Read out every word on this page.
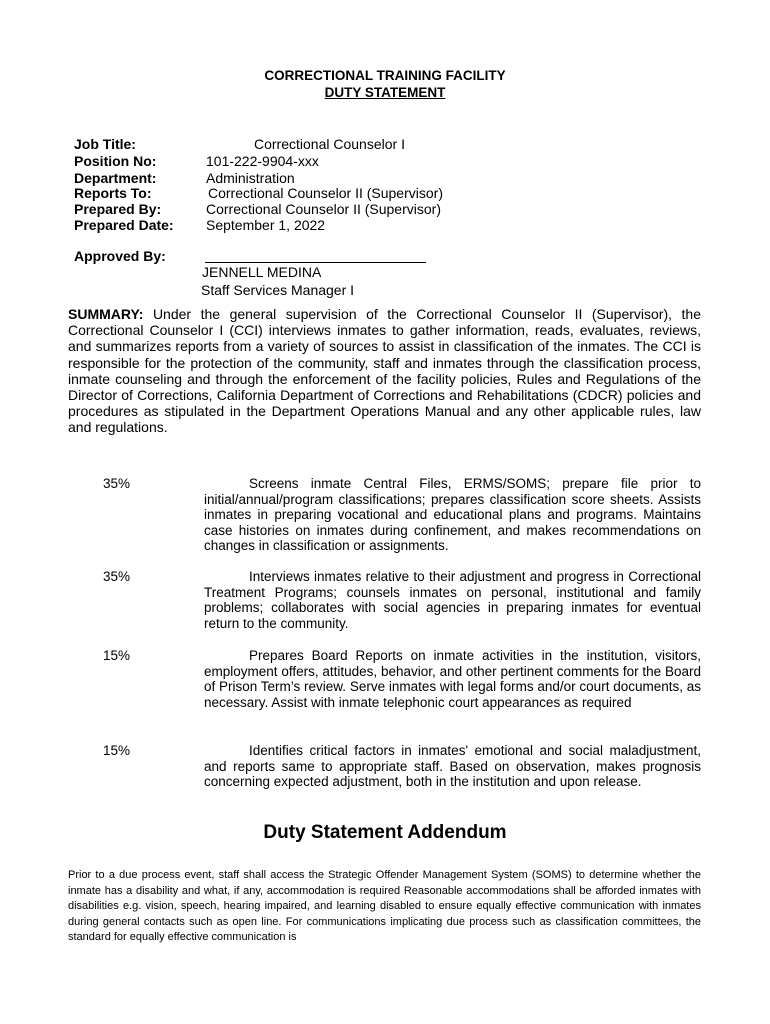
CORRECTIONAL TRAINING FACILITY
DUTY STATEMENT
Job Title:	Correctional Counselor I
Position No:	101-222-9904-xxx
Department:	Administration
Reports To:	Correctional Counselor II (Supervisor)
Prepared By:	Correctional Counselor II (Supervisor)
Prepared Date: September 1, 2022
Approved By:
JENNELL MEDINA
Staff Services Manager I
SUMMARY: Under the general supervision of the Correctional Counselor II (Supervisor), the Correctional Counselor I (CCI) interviews inmates to gather information, reads, evaluates, reviews, and summarizes reports from a variety of sources to assist in classification of the inmates. The CCI is responsible for the protection of the community, staff and inmates through the classification process, inmate counseling and through the enforcement of the facility policies, Rules and Regulations of the Director of Corrections, California Department of Corrections and Rehabilitations (CDCR) policies and procedures as stipulated in the Department Operations Manual and any other applicable rules, law and regulations.
35%	Screens inmate Central Files, ERMS/SOMS; prepare file prior to initial/annual/program classifications; prepares classification score sheets. Assists inmates in preparing vocational and educational plans and programs. Maintains case histories on inmates during confinement, and makes recommendations on changes in classification or assignments.
35%	Interviews inmates relative to their adjustment and progress in Correctional Treatment Programs; counsels inmates on personal, institutional and family problems; collaborates with social agencies in preparing inmates for eventual return to the community.
15%	Prepares Board Reports on inmate activities in the institution, visitors, employment offers, attitudes, behavior, and other pertinent comments for the Board of Prison Term’s review. Serve inmates with legal forms and/or court documents, as necessary. Assist with inmate telephonic court appearances as required
15%	Identifies critical factors in inmates' emotional and social maladjustment, and reports same to appropriate staff. Based on observation, makes prognosis concerning expected adjustment, both in the institution and upon release.
Duty Statement Addendum
Prior to a due process event, staff shall access the Strategic Offender Management System (SOMS) to determine whether the inmate has a disability and what, if any, accommodation is required Reasonable accommodations shall be afforded inmates with disabilities e.g. vision, speech, hearing impaired, and learning disabled to ensure equally effective communication with inmates during general contacts such as open line. For communications implicating due process such as classification committees, the standard for equally effective communication is
